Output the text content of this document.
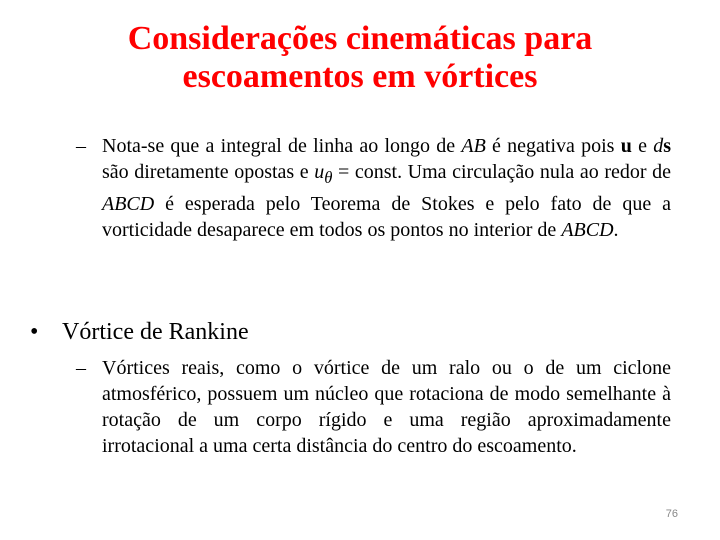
Considerações cinemáticas para
escoamentos em vórtices
– Nota-se que a integral de linha ao longo de AB é negativa pois u e ds são diretamente opostas e $u_\theta$ = const. Uma circulação nula ao redor de ABCD é esperada pelo Teorema de Stokes e pelo fato de que a vorticidade desaparece em todos os pontos no interior de ABCD.
• Vórtice de Rankine
– Vórtices reais, como o vórtice de um ralo ou o de um ciclone atmosférico, possuem um núcleo que rotaciona de modo semelhante à rotação de um corpo rígido e uma região aproximadamente irrotacional a uma certa distância do centro do escoamento.
76
